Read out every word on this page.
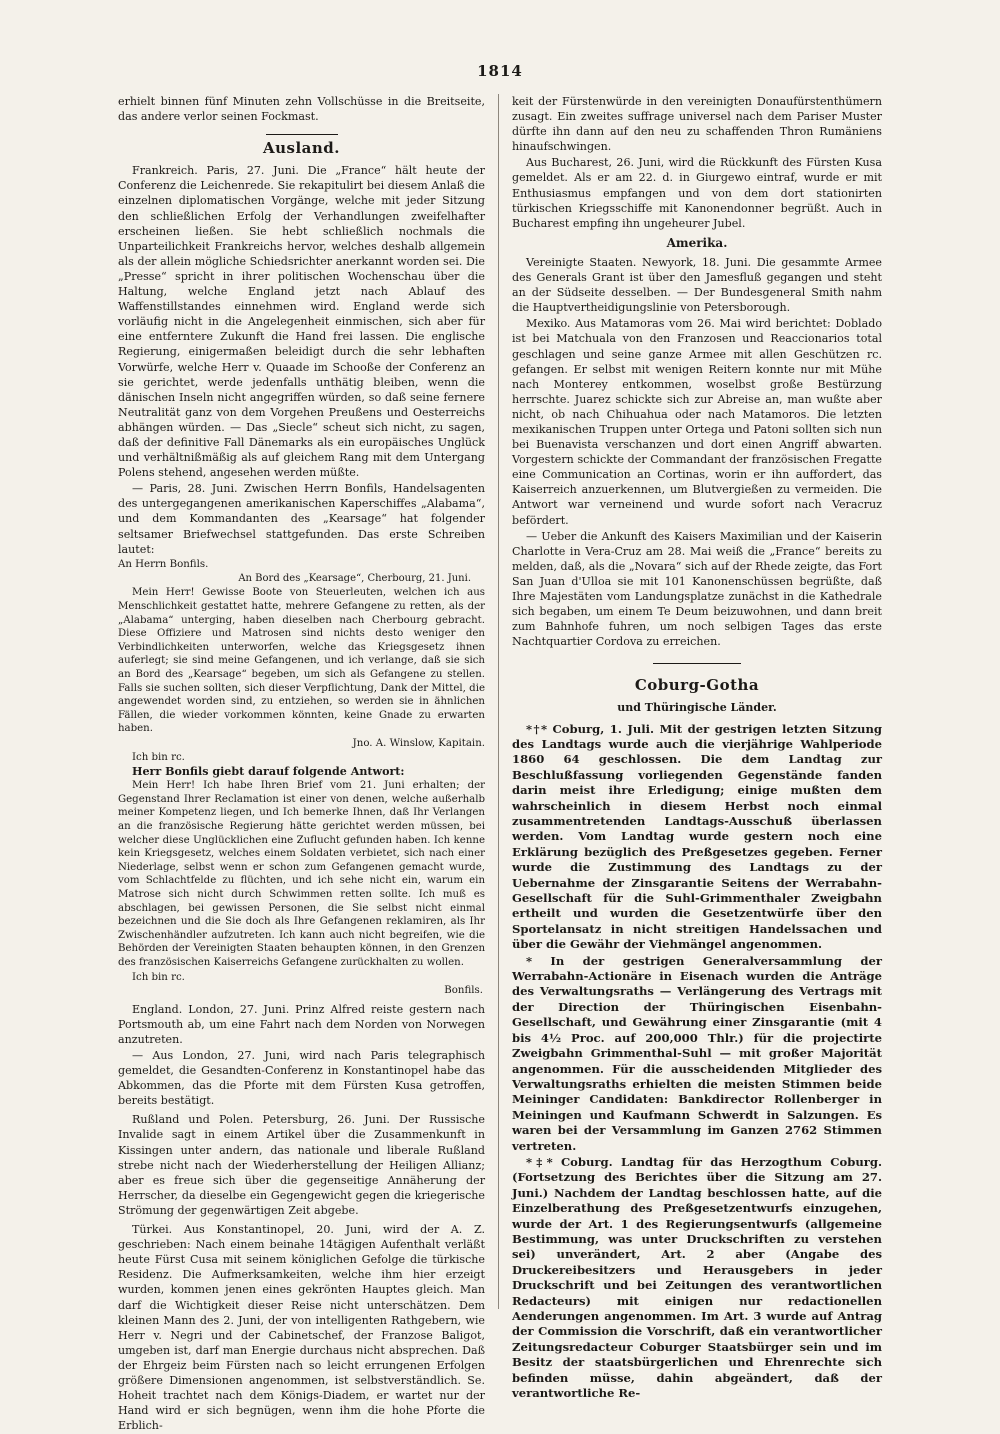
1814

erhielt binnen fünf Minuten zehn Vollschüsse in die Breitseite, das andere verlor seinen Fockmast.

Ausland.

Frankreich. Paris, 27. Juni. Die „France“ hält heute der Conferenz die Leichenrede. Sie rekapitulirt bei diesem Anlaß die einzelnen diplomatischen Vorgänge, welche mit jeder Sitzung den schließlichen Erfolg der Verhandlungen zweifelhafter erscheinen ließen. Sie hebt schließlich nochmals die Unparteilichkeit Frankreichs hervor, welches deshalb allgemein als der allein mögliche Schiedsrichter anerkannt worden sei. Die „Presse“ spricht in ihrer politischen Wochenschau über die Haltung, welche England jetzt nach Ablauf des Waffenstillstandes einnehmen wird. England werde sich vorläufig nicht in die Angelegenheit einmischen, sich aber für eine entferntere Zukunft die Hand frei lassen. Die englische Regierung, einigermaßen beleidigt durch die sehr lebhaften Vorwürfe, welche Herr v. Quaade im Schooße der Conferenz an sie gerichtet, werde jedenfalls unthätig bleiben, wenn die dänischen Inseln nicht angegriffen würden, so daß seine fernere Neutralität ganz von dem Vorgehen Preußens und Oesterreichs abhängen würden. — Das „Siecle“ scheut sich nicht, zu sagen, daß der definitive Fall Dänemarks als ein europäisches Unglück und verhältnißmäßig als auf gleichem Rang mit dem Untergang Polens stehend, angesehen werden müßte.

— Paris, 28. Juni. Zwischen Herrn Bonfils, Handelsagenten des untergegangenen amerikanischen Kaperschiffes „Alabama“, und dem Kommandanten des „Kearsage“ hat folgender seltsamer Briefwechsel stattgefunden. Das erste Schreiben lautet:

An Herrn Bonfils.
An Bord des „Kearsage“, Cherbourg, 21. Juni.

Mein Herr! Gewisse Boote von Steuerleuten, welchen ich aus Menschlichkeit gestattet hatte, mehrere Gefangene zu retten, als der „Alabama“ unterging, haben dieselben nach Cherbourg gebracht. Diese Offiziere und Matrosen sind nichts desto weniger den Verbindlichkeiten unterworfen, welche das Kriegsgesetz ihnen auferlegt; sie sind meine Gefangenen, und ich verlange, daß sie sich an Bord des „Kearsage“ begeben, um sich als Gefangene zu stellen. Falls sie suchen sollten, sich dieser Verpflichtung, Dank der Mittel, die angewendet worden sind, zu entziehen, so werden sie in ähnlichen Fällen, die wieder vorkommen könnten, keine Gnade zu erwarten haben.

Jno. A. Winslow, Kapitain.
Ich bin rc.
Herr Bonfils giebt darauf folgende Antwort:

Mein Herr! Ich habe Ihren Brief vom 21. Juni erhalten; der Gegenstand Ihrer Reclamation ist einer von denen, welche außerhalb meiner Kompetenz liegen, und Ich bemerke Ihnen, daß Ihr Verlangen an die französische Regierung hätte gerichtet werden müssen, bei welcher diese Unglücklichen eine Zuflucht gefunden haben. Ich kenne kein Kriegsgesetz, welches einem Soldaten verbietet, sich nach einer Niederlage, selbst wenn er schon zum Gefangenen gemacht wurde, vom Schlachtfelde zu flüchten, und ich sehe nicht ein, warum ein Matrose sich nicht durch Schwimmen retten sollte. Ich muß es abschlagen, bei gewissen Personen, die Sie selbst nicht einmal bezeichnen und die Sie doch als Ihre Gefangenen reklamiren, als Ihr Zwischenhändler aufzutreten. Ich kann auch nicht begreifen, wie die Behörden der Vereinigten Staaten behaupten können, in den Grenzen des französischen Kaiserreichs Gefangene zurückhalten zu wollen.

Ich bin rc.
Bonfils.

England. London, 27. Juni. Prinz Alfred reiste gestern nach Portsmouth ab, um eine Fahrt nach dem Norden von Norwegen anzutreten.

— Aus London, 27. Juni, wird nach Paris telegraphisch gemeldet, die Gesandten-Conferenz in Konstantinopel habe das Abkommen, das die Pforte mit dem Fürsten Kusa getroffen, bereits bestätigt.

Rußland und Polen. Petersburg, 26. Juni. Der Russische Invalide sagt in einem Artikel über die Zusammenkunft in Kissingen unter andern, das nationale und liberale Rußland strebe nicht nach der Wiederherstellung der Heiligen Allianz; aber es freue sich über die gegenseitige Annäherung der Herrscher, da dieselbe ein Gegengewicht gegen die kriegerische Strömung der gegenwärtigen Zeit abgebe.

Türkei. Aus Konstantinopel, 20. Juni, wird der A. Z. geschrieben: Nach einem beinahe 14tägigen Aufenthalt verläßt heute Fürst Cusa mit seinem königlichen Gefolge die türkische Residenz. Die Aufmerksamkeiten, welche ihm hier erzeigt wurden, kommen jenen eines gekrönten Hauptes gleich. Man darf die Wichtigkeit dieser Reise nicht unterschätzen. Dem kleinen Mann des 2. Juni, der von intelligenten Rathgebern, wie Herr v. Negri und der Cabinetschef, der Franzose Baligot, umgeben ist, darf man Energie durchaus nicht absprechen. Daß der Ehrgeiz beim Fürsten nach so leicht errungenen Erfolgen größere Dimensionen angenommen, ist selbstverständlich. Se. Hoheit trachtet nach dem Königs-Diadem, er wartet nur der Hand wird er sich begnügen, wenn ihm die hohe Pforte die Erblich-

keit der Fürstenwürde in den vereinigten Donaufürstenthümern zusagt. Ein zweites suffrage universel nach dem Pariser Muster dürfte ihn dann auf den neu zu schaffenden Thron Rumäniens hinaufschwingen.

Aus Bucharest, 26. Juni, wird die Rückkunft des Fürsten Kusa gemeldet. Als er am 22. d. in Giurgewo eintraf, wurde er mit Enthusiasmus empfangen und von dem dort stationirten türkischen Kriegsschiffe mit Kanonendonner begrüßt. Auch in Bucharest empfing ihn ungeheurer Jubel.

Amerika.

Vereinigte Staaten. Newyork, 18. Juni. Die gesammte Armee des Generals Grant ist über den Jamesfluß gegangen und steht an der Südseite desselben. — Der Bundesgeneral Smith nahm die Hauptvertheidigungslinie von Petersborough.

Mexiko. Aus Matamoras vom 26. Mai wird berichtet: Doblado ist bei Matchuala von den Franzosen und Reaccionarios total geschlagen und seine ganze Armee mit allen Geschützen rc. gefangen. Er selbst mit wenigen Reitern konnte nur mit Mühe nach Monterey entkommen, woselbst große Bestürzung herrschte. Juarez schickte sich zur Abreise an, man wußte aber nicht, ob nach Chihuahua oder nach Matamoros. Die letzten mexikanischen Truppen unter Ortega und Patoni sollten sich nun bei Buenavista verschanzen und dort einen Angriff abwarten. Vorgestern schickte der Commandant der französischen Fregatte eine Communication an Cortinas, worin er ihn auffordert, das Kaiserreich anzuerkennen, um Blutvergießen zu vermeiden. Die Antwort war verneinend und wurde sofort nach Veracruz befördert.

— Ueber die Ankunft des Kaisers Maximilian und der Kaiserin Charlotte in Vera-Cruz am 28. Mai weiß die „France“ bereits zu melden, daß, als die „Novara“ sich auf der Rhede zeigte, das Fort San Juan d'Ulloa sie mit 101 Kanonenschüssen begrüßte, daß Ihre Majestäten vom Landungsplatze zunächst in die Kathedrale sich begaben, um einem Te Deum beizuwohnen, und dann breit zum Bahnhofe fuhren, um noch selbigen Tages das erste Nachtquartier Cordova zu erreichen.

Coburg-Gotha
und Thüringische Länder.

*†* Coburg, 1. Juli. Mit der gestrigen letzten Sitzung des Landtags wurde auch die vierjährige Wahlperiode 1860 64 geschlossen. Die dem Landtag zur Beschlußfassung vorliegenden Gegenstände fanden darin meist ihre Erledigung; einige mußten dem wahrscheinlich in diesem Herbst noch einmal zusammentretenden Landtags-Ausschuß überlassen werden. Vom Landtag wurde gestern noch eine Erklärung bezüglich des Preßgesetzes gegeben. Ferner wurde die Zustimmung des Landtags zu der Uebernahme der Zinsgarantie Seitens der Werrabahn-Gesellschaft für die Suhl-Grimmenthaler Zweigbahn ertheilt und wurden die Gesetzentwürfe über den Sportelansatz in nicht streitigen Handelssachen und über die Gewähr der Viehmängel angenommen.

* In der gestrigen Generalversammlung der Werrabahn-Actionäre in Eisenach wurden die Anträge des Verwaltungsraths — Verlängerung des Vertrags mit der Direction der Thüringischen Eisenbahn-Gesellschaft, und Gewährung einer Zinsgarantie (mit 4 bis 4½ Proc. auf 200,000 Thlr.) für die projectirte Zweigbahn Grimmenthal-Suhl — mit großer Majorität angenommen. Für die ausscheidenden Mitglieder des Verwaltungsraths erhielten die meisten Stimmen beide Meininger Candidaten: Bankdirector Rollenberger in Meiningen und Kaufmann Schwerdt in Salzungen. Es waren bei der Versammlung im Ganzen 2762 Stimmen vertreten.

*‡* Coburg. Landtag für das Herzogthum Coburg. (Fortsetzung des Berichtes über die Sitzung am 27. Juni.) Nachdem der Landtag beschlossen hatte, auf die Einzelberathung des Preßgesetzentwurfs einzugehen, wurde der Art. 1 des Regierungsentwurfs (allgemeine Bestimmung, was unter Druckschriften zu verstehen sei) unverändert, Art. 2 aber (Angabe des Druckereibesitzers und Herausgebers in jeder Druckschrift und bei Zeitungen des verantwortlichen Redacteurs) mit einigen nur redactionellen Aenderungen angenommen. Im Art. 3 wurde auf Antrag der Commission die Vorschrift, daß ein verantwortlicher Zeitungsredacteur Coburger Staatsbürger sein und im Besitz der staatsbürgerlichen und Ehrenrechte sich befinden müsse, dahin abgeändert, daß der verantwortliche Re-
